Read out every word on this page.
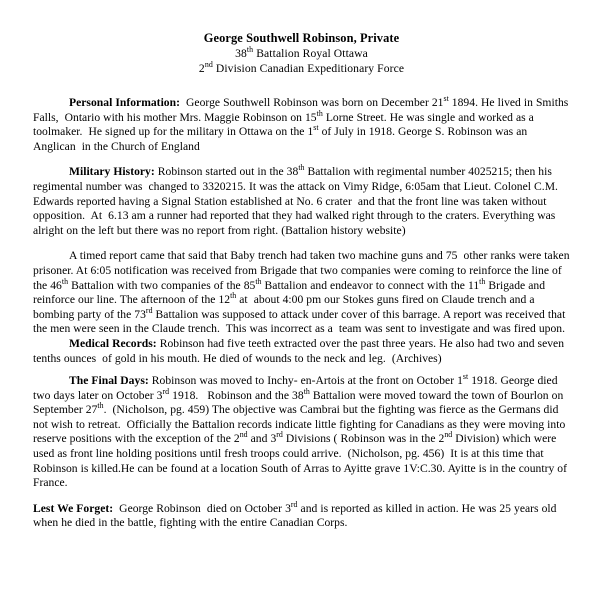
George Southwell Robinson, Private
38th Battalion Royal Ottawa
2nd Division Canadian Expeditionary Force

Personal Information:  George Southwell Robinson was born on December 21st 1894. He lived in Smiths Falls,  Ontario with his mother Mrs. Maggie Robinson on 15th Lorne Street. He was single and worked as a toolmaker.  He signed up for the military in Ottawa on the 1st of July in 1918. George S. Robinson was an Anglican  in the Church of England

Military History: Robinson started out in the 38th Battalion with regimental number 4025215; then his regimental number was  changed to 3320215. It was the attack on Vimy Ridge, 6:05am that Lieut. Colonel C.M.  Edwards reported having a Signal Station established at No. 6 crater  and that the front line was taken without opposition.  At  6.13 am a runner had reported that they had walked right through to the craters. Everything was alright on the left but there was no report from right. (Battalion history website)

A timed report came that said that Baby trench had taken two machine guns and 75  other ranks were taken prisoner. At 6:05 notification was received from Brigade that two companies were coming to reinforce the line of the 46th Battalion with two companies of the 85th Battalion and endeavor to connect with the 11th Brigade and reinforce our line. The afternoon of the 12th at  about 4:00 pm our Stokes guns fired on Claude trench and a bombing party of the 73rd Battalion was supposed to attack under cover of this barrage. A report was received that the men were seen in the Claude trench.  This was incorrect as a  team was sent to investigate and was fired upon.

Medical Records: Robinson had five teeth extracted over the past three years. He also had two and seven tenths ounces  of gold in his mouth. He died of wounds to the neck and leg.  (Archives)

The Final Days: Robinson was moved to Inchy- en-Artois at the front on October 1st 1918. George died two days later on October 3rd 1918.   Robinson and the 38th Battalion were moved toward the town of Bourlon on September 27th.  (Nicholson, pg. 459) The objective was Cambrai but the fighting was fierce as the Germans did not wish to retreat.  Officially the Battalion records indicate little fighting for Canadians as they were moving into reserve positions with the exception of the 2nd and 3rd Divisions ( Robinson was in the 2nd Division) which were used as front line holding positions until fresh troops could arrive.  (Nicholson, pg. 456)  It is at this time that Robinson is killed.He can be found at a location South of Arras to Ayitte grave 1V:C.30. Ayitte is in the country of France.

Lest We Forget:  George Robinson  died on October 3rd and is reported as killed in action. He was 25 years old when he died in the battle, fighting with the entire Canadian Corps.
